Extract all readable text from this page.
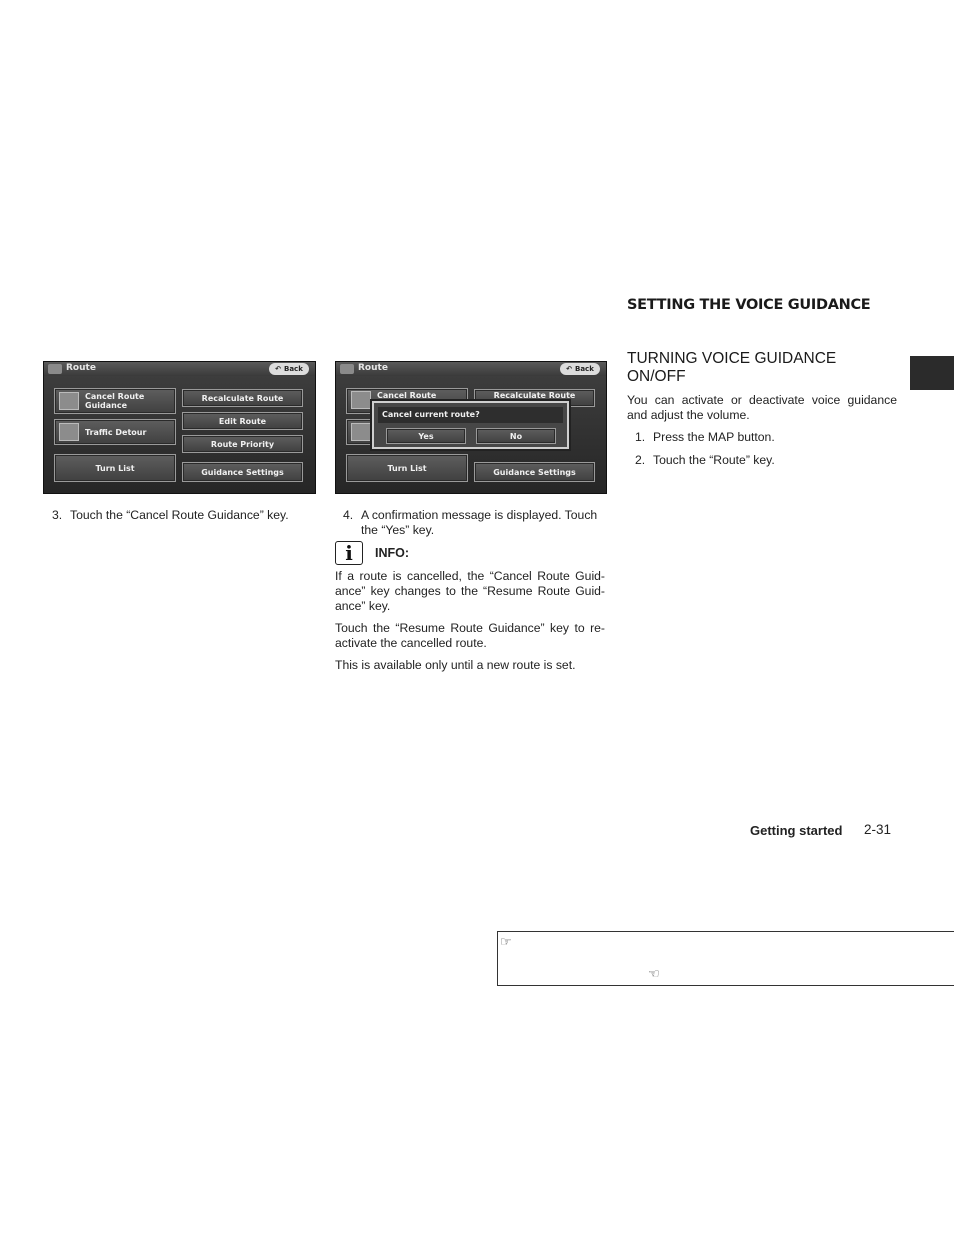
Route	↶ Back
Cancel Route Guidance
Traffic Detour
Turn List
Recalculate Route
Edit Route
Route Priority
Guidance Settings
Route	↶ Back
Cancel Route
Turn List
Recalculate Route
Guidance Settings
Cancel current route?
Yes	No
3. Touch the “Cancel Route Guidance” key.	4. A confirmation message is displayed. Touch the “Yes” key.
i	INFO:

If a route is cancelled, the “Cancel Route Guid-ance” key changes to the “Resume Route Guid-ance” key.

Touch the “Resume Route Guidance” key to re-activate the cancelled route.

This is available only until a new route is set.

SETTING THE VOICE GUIDANCE
TURNING VOICE GUIDANCE ON/OFF

You can activate or deactivate voice guidance and adjust the volume.

1. Press the MAP button.
2. Touch the “Route” key.
Getting started 2-31
☞
☜
